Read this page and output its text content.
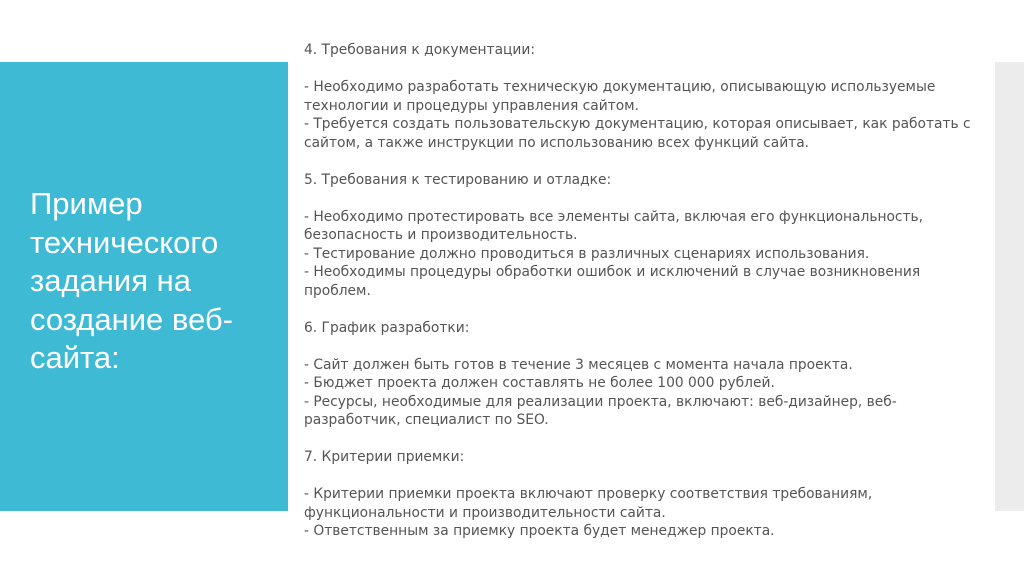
Пример
технического
задания на
создание веб-
сайта:
4. Требования к документации:
- Необходимо разработать техническую документацию, описывающую используемые
технологии и процедуры управления сайтом.
- Требуется создать пользовательскую документацию, которая описывает, как работать с
сайтом, а также инструкции по использованию всех функций сайта.
5. Требования к тестированию и отладке:
- Необходимо протестировать все элементы сайта, включая его функциональность,
безопасность и производительность.
- Тестирование должно проводиться в различных сценариях использования.
- Необходимы процедуры обработки ошибок и исключений в случае возникновения
проблем.
6. График разработки:
- Сайт должен быть готов в течение 3 месяцев с момента начала проекта.
- Бюджет проекта должен составлять не более 100 000 рублей.
- Ресурсы, необходимые для реализации проекта, включают: веб-дизайнер, веб-
разработчик, специалист по SEO.
7. Критерии приемки:
- Критерии приемки проекта включают проверку соответствия требованиям,
функциональности и производительности сайта.
- Ответственным за приемку проекта будет менеджер проекта.
